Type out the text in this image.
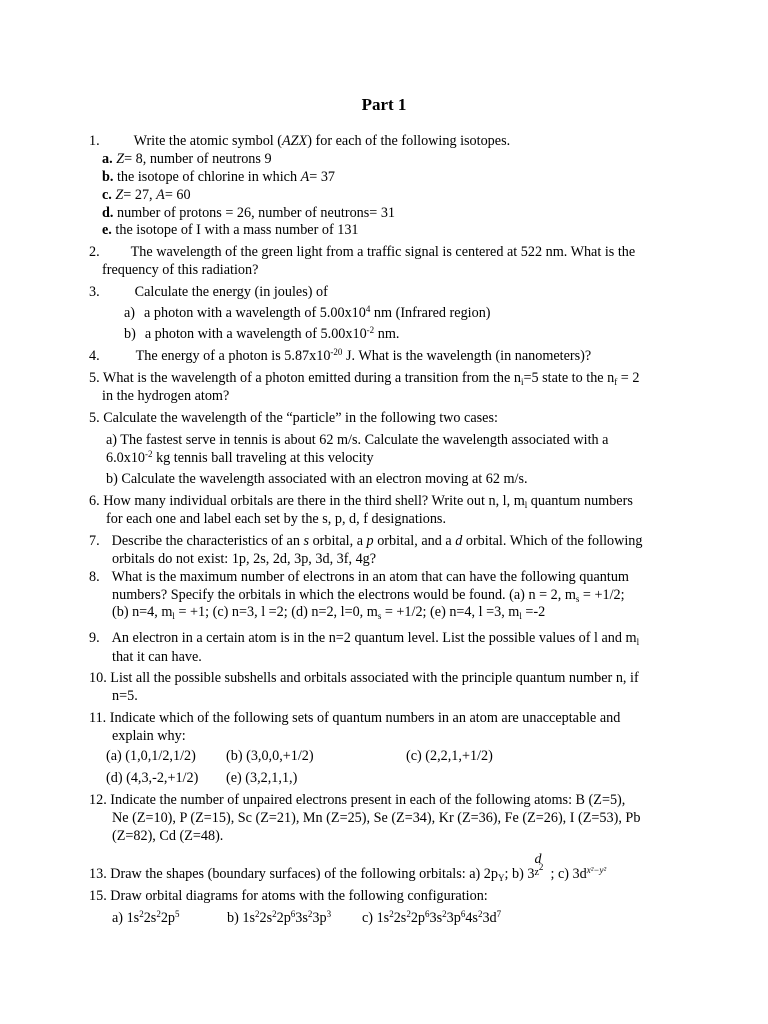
Part 1
1. Write the atomic symbol (AZX) for each of the following isotopes.
a. Z= 8, number of neutrons 9
b. the isotope of chlorine in which A= 37
c. Z= 27, A= 60
d. number of protons = 26, number of neutrons= 31
e. the isotope of I with a mass number of 131
2. The wavelength of the green light from a traffic signal is centered at 522 nm. What is the
frequency of this radiation?
3. Calculate the energy (in joules) of
a) a photon with a wavelength of $5.00x10^4$ nm (Infrared region)
b) a photon with a wavelength of $5.00x10^{-2}$ nm.
4.	The energy of a photon is $5.87x10^{-20}$ J. What is the wavelength (in nanometers)?
5. What is the wavelength of a photon emitted during a transition from the $n_i=5$ state to the $n_f = 2$
in the hydrogen atom?
5. Calculate the wavelength of the “particle” in the following two cases:
a) The fastest serve in tennis is about 62 m/s. Calculate the wavelength associated with a
$6.0x10^{-2}$ kg tennis ball traveling at this velocity
b) Calculate the wavelength associated with an electron moving at 62 m/s.
6. How many individual orbitals are there in the third shell? Write out n, l, $m_l$ quantum numbers
for each one and label each set by the s, p, d, f designations.
7. Describe the characteristics of an s orbital, a p orbital, and a d orbital. Which of the following
orbitals do not exist: 1p, 2s, 2d, 3p, 3d, 3f, 4g?
8. What is the maximum number of electrons in an atom that can have the following quantum
numbers? Specify the orbitals in which the electrons would be found. (a) n = 2, $m_s = +1/2$;
(b) n=4, $m_l = +1$; (c) n=3, l =2; (d) n=2, l=0, $m_s = +1/2$; (e) n=4, l =3, $m_l =-2$
9. An electron in a certain atom is in the n=2 quantum level. List the possible values of l and $m_l$
that it can have.
10. List all the possible subshells and orbitals associated with the principle quantum number n, if
n=5.
11. Indicate which of the following sets of quantum numbers in an atom are unacceptable and
explain why:
(a) (1,0,1/2,1/2) (b) (3,0,0,+1/2)	(c) (2,2,1,+1/2)
(d) (4,3,-2,+1/2) (e) (3,2,1,1,)
12. Indicate the number of unpaired electrons present in each of the following atoms: B (Z=5),
Ne (Z=10), P (Z=15), Sc (Z=21), Mn (Z=25), Se (Z=34), Kr (Z=36), Fe (Z=26), I (Z=53), Pb
(Z=82), Cd (Z=48).
13. Draw the shapes (boundary surfaces) of the following orbitals: a) $2p_Y$; b) 3
d
$^{z^2}$ ; c) $3d^{x^2-y^2}$
15. Draw orbital diagrams for atoms with the following configuration:
a) $1s^22s^22p^5$	b) $1s^22s^22p^63s^23p^3$ c) $1s^22s^22p^63s^23p^64s^23d^7$
